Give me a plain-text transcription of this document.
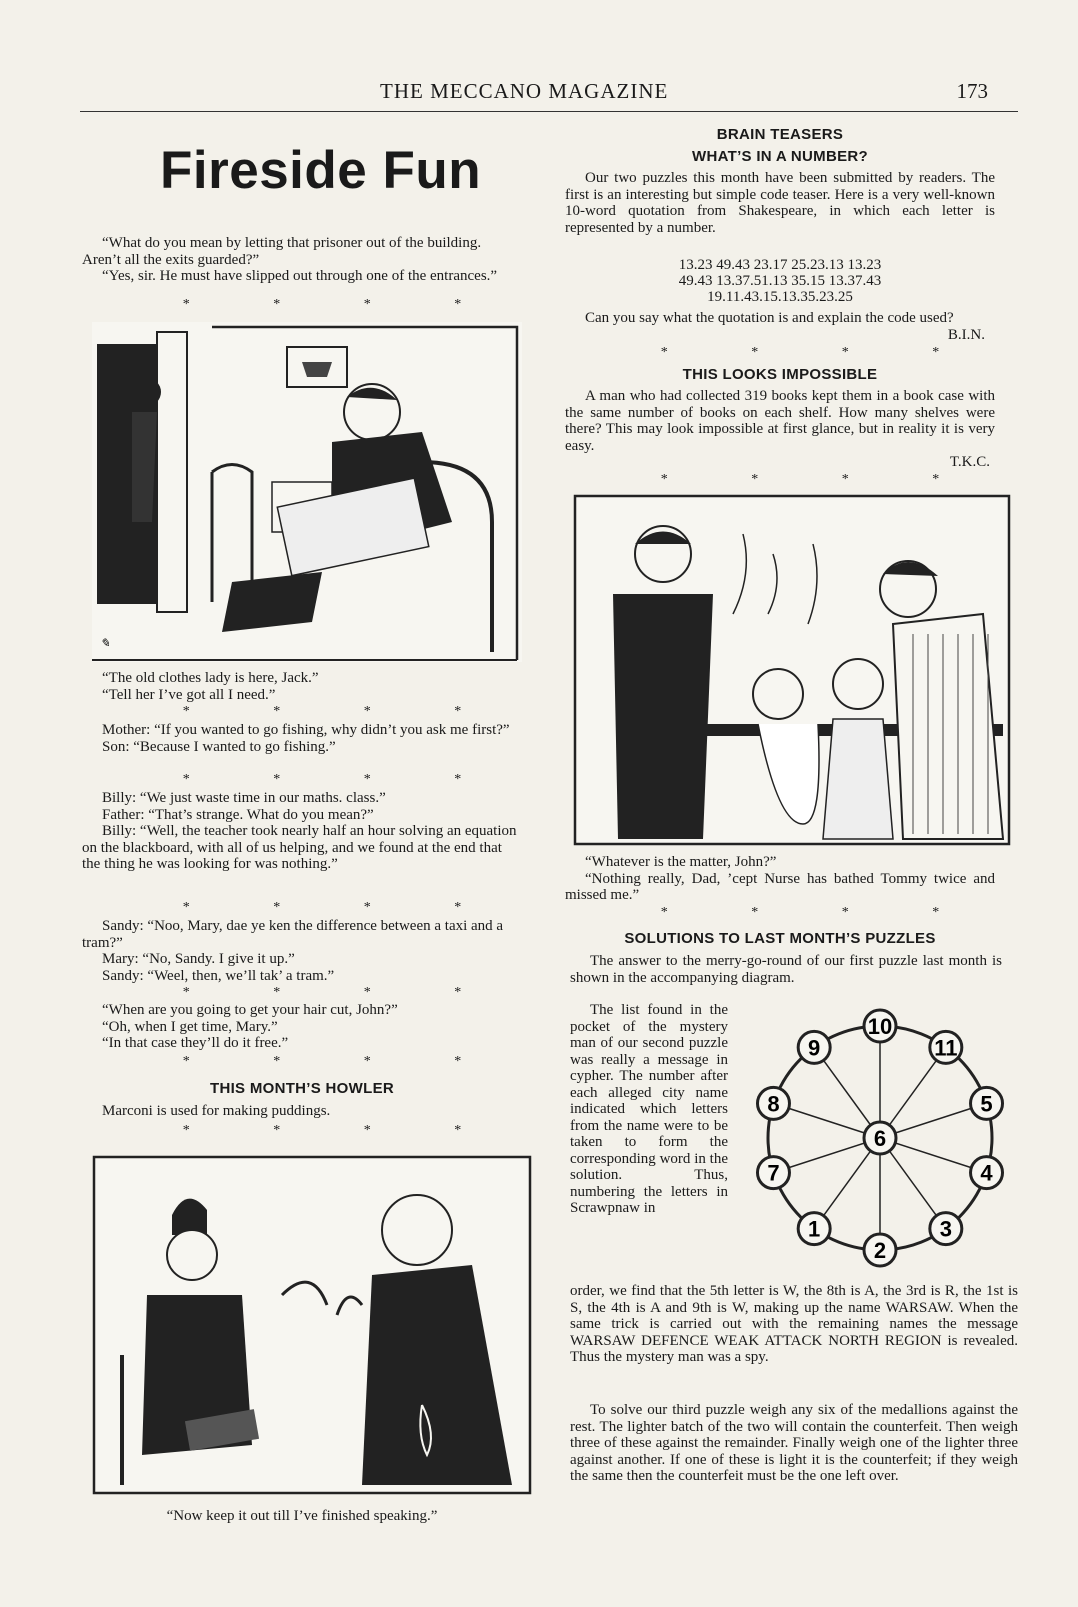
THE MECCANO MAGAZINE	173
Fireside Fun

“What do you mean by letting that prisoner out of the building. Aren’t all the exits guarded?”

“Yes, sir. He must have slipped out through one of the entrances.”

* * * *
✎

“The old clothes lady is here, Jack.”

“Tell her I’ve got all I need.”

* * * *

Mother: “If you wanted to go fishing, why didn’t you ask me first?”

Son: “Because I wanted to go fishing.”

* * * *

Billy: “We just waste time in our maths. class.”

Father: “That’s strange. What do you mean?”

Billy: “Well, the teacher took nearly half an hour solving an equation on the blackboard, with all of us helping, and we found at the end that the thing he was looking for was nothing.”

* * * *

Sandy: “Noo, Mary, dae ye ken the difference between a taxi and a tram?”

Mary: “No, Sandy. I give it up.”

Sandy: “Weel, then, we’ll tak’ a tram.”

* * * *

“When are you going to get your hair cut, John?”

“Oh, when I get time, Mary.”

“In that case they’ll do it free.”

* * * *
THIS MONTH’S HOWLER

Marconi is used for making puddings.

* * * *
“Now keep it out till I’ve finished speaking.”
BRAIN TEASERS
WHAT’S IN A NUMBER?

Our two puzzles this month have been submitted by readers. The first is an interesting but simple code teaser. Here is a very well-known 10-word quotation from Shakespeare, in which each letter is represented by a number.

13.23 49.43 23.17 25.23.13 13.23
49.43 13.37.51.13 35.15 13.37.43
19.11.43.15.13.35.23.25

Can you say what the quotation is and explain the code used?

B.I.N.
* * * *
THIS LOOKS IMPOSSIBLE

A man who had collected 319 books kept them in a book case with the same number of books on each shelf. How many shelves were there? This may look impossible at first glance, but in reality it is very easy.

T.K.C.
* * * *

“Whatever is the matter, John?”

“Nothing really, Dad, ’cept Nurse has bathed Tommy twice and missed me.”

* * * *
SOLUTIONS TO LAST MONTH’S PUZZLES

The answer to the merry-go-round of our first puzzle last month is shown in the accompanying diagram.

The list found in the pocket of the mystery man of our second puzzle was really a message in cypher. The number after each alleged city name indicated which letters from the name were to be taken to form the corresponding word in the solution. Thus, numbering the letters in Scrawpnaw in

10
11
5
4
3
2
1
7
8
9
6

order, we find that the 5th letter is W, the 8th is A, the 3rd is R, the 1st is S, the 4th is A and 9th is W, making up the name WARSAW. When the same trick is carried out with the remaining names the message WARSAW DEFENCE WEAK ATTACK NORTH REGION is revealed. Thus the mystery man was a spy.

To solve our third puzzle weigh any six of the medallions against the rest. The lighter batch of the two will contain the counterfeit. Then weigh three of these against the remainder. Finally weigh one of the lighter three against another. If one of these is light it is the counterfeit; if they weigh the same then the counterfeit must be the one left over.
